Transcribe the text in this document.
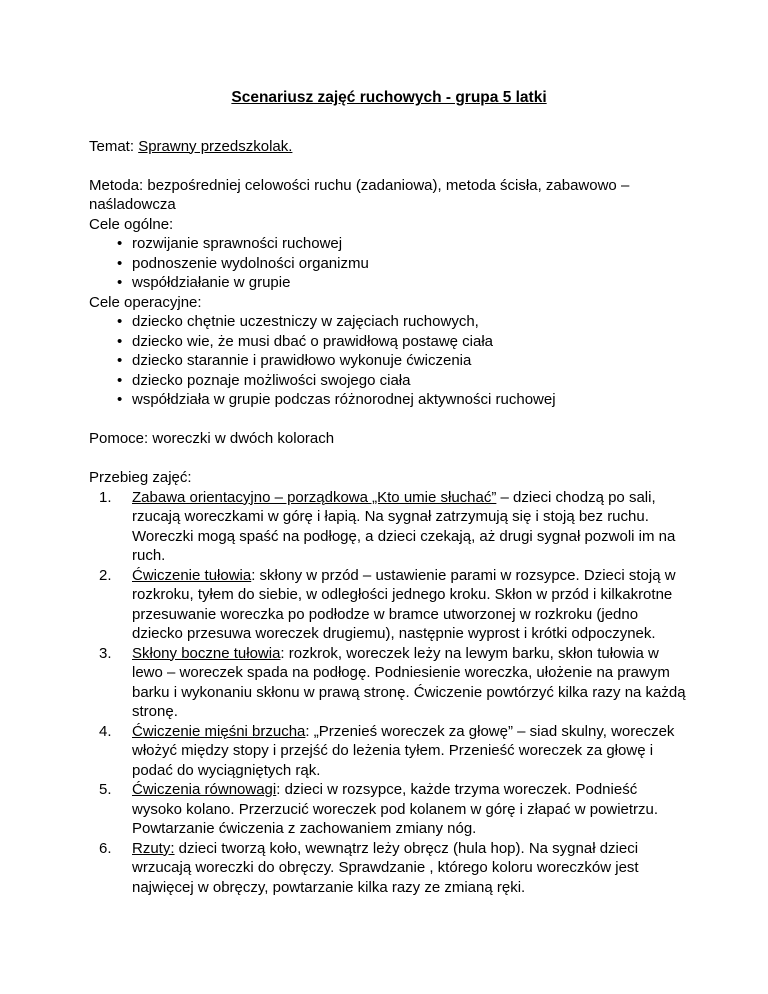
Scenariusz zajęć ruchowych - grupa 5 latki

Temat: Sprawny przedszkolak.

Metoda: bezpośredniej celowości ruchu (zadaniowa), metoda ścisła, zabawowo – naśladowcza

Cele ogólne:

• rozwijanie sprawności ruchowej
• podnoszenie wydolności organizmu
• współdziałanie w grupie

Cele operacyjne:

• dziecko chętnie uczestniczy w zajęciach ruchowych,
• dziecko wie, że musi dbać o prawidłową postawę ciała
• dziecko starannie i prawidłowo wykonuje ćwiczenia
• dziecko poznaje możliwości swojego ciała
• współdziała w grupie podczas różnorodnej aktywności ruchowej

Pomoce: woreczki w dwóch kolorach

Przebieg zajęć:

1. Zabawa orientacyjno – porządkowa „Kto umie słuchać” – dzieci chodzą po sali, rzucają woreczkami w górę i łapią. Na sygnał zatrzymują się i stoją bez ruchu. Woreczki mogą spaść na podłogę, a dzieci czekają, aż drugi sygnał pozwoli im na ruch.
2. Ćwiczenie tułowia: skłony w przód – ustawienie parami w rozsypce. Dzieci stoją w rozkroku, tyłem do siebie, w odległości jednego kroku. Skłon w przód i kilkakrotne przesuwanie woreczka po podłodze w bramce utworzonej w rozkroku (jedno dziecko przesuwa woreczek drugiemu), następnie wyprost i krótki odpoczynek.
3. Skłony boczne tułowia: rozkrok, woreczek leży na lewym barku, skłon tułowia w lewo – woreczek spada na podłogę. Podniesienie woreczka, ułożenie na prawym barku i wykonaniu skłonu w prawą stronę. Ćwiczenie powtórzyć kilka razy na każdą stronę.
4. Ćwiczenie mięśni brzucha: „Przenieś woreczek za głowę” – siad skulny, woreczek włożyć między stopy i przejść do leżenia tyłem. Przenieść woreczek za głowę i podać do wyciągniętych rąk.
5. Ćwiczenia równowagi: dzieci w rozsypce, każde trzyma woreczek. Podnieść wysoko kolano. Przerzucić woreczek pod kolanem w górę i złapać w powietrzu. Powtarzanie ćwiczenia z zachowaniem zmiany nóg.
6. Rzuty: dzieci tworzą koło, wewnątrz leży obręcz (hula hop). Na sygnał dzieci wrzucają woreczki do obręczy. Sprawdzanie , którego koloru woreczków jest najwięcej w obręczy, powtarzanie kilka razy ze zmianą ręki.
